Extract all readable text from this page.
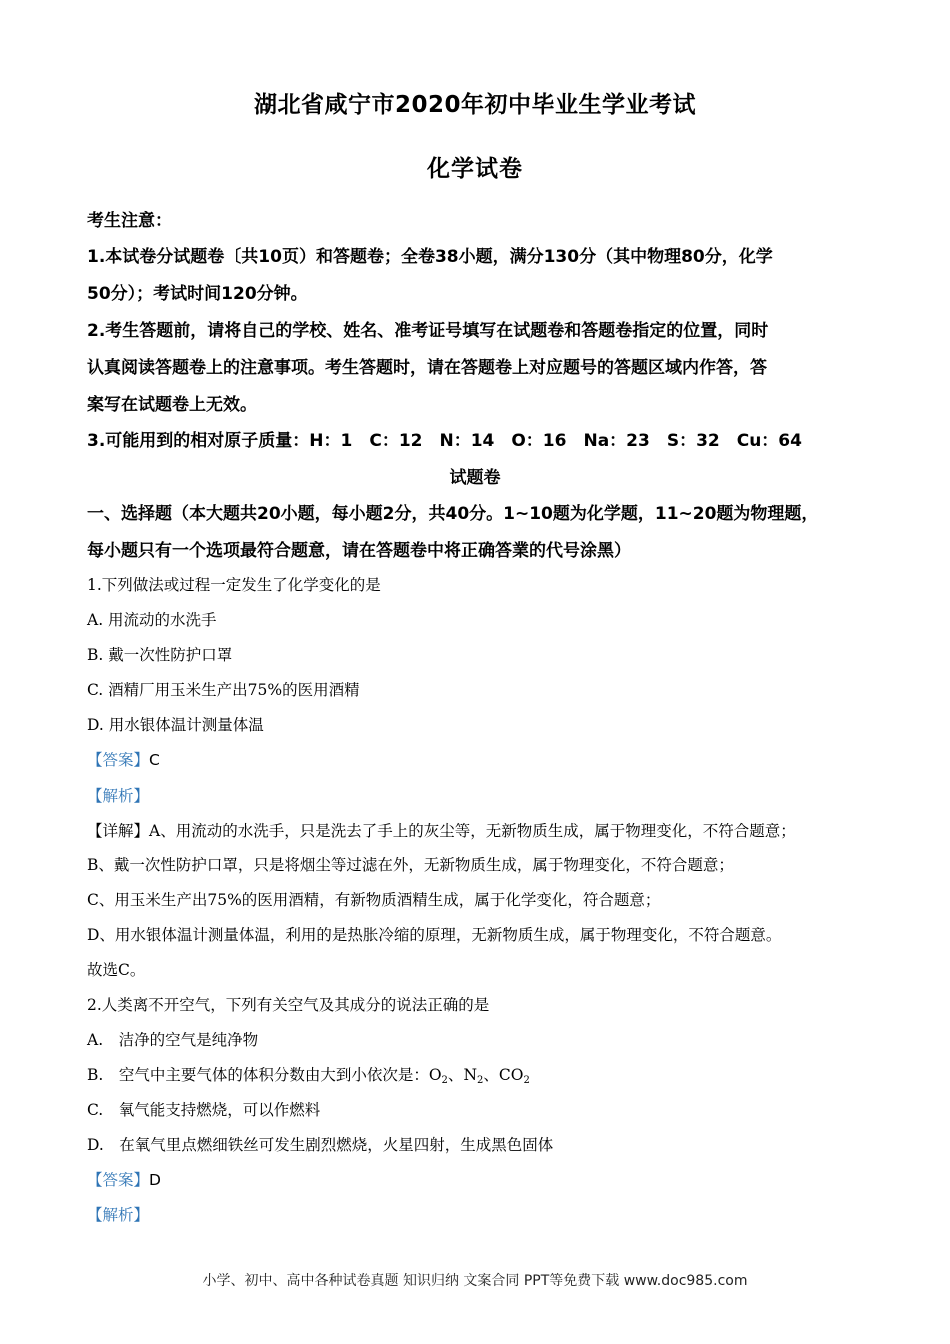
湖北省咸宁市2020年初中毕业生学业考试
化学试卷
考生注意：
1.本试卷分试题卷〔共10页）和答题卷；全卷38小题，满分130分（其中物理80分，化学
50分）；考试时间120分钟。
2.考生答题前，请将自己的学校、姓名、准考证号填写在试题卷和答题卷指定的位置，同时
认真阅读答题卷上的注意事项。考生答题时，请在答题卷上对应题号的答题区域内作答，答
案写在试题卷上无效。
3.可能用到的相对原子质量：H：1　C：12　N：14　O：16　Na：23　S：32　Cu：64
试题卷
一、选择题（本大题共20小题，每小题2分，共40分。1~10题为化学题，11~20题为物理题，
每小题只有一个选项最符合题意，请在答题卷中将正确答業的代号涂黑）
1.下列做法或过程一定发生了化学变化的是
A. 用流动的水洗手
B. 戴一次性防护口罩
C. 酒精厂用玉米生产出75%的医用酒精
D. 用水银体温计测量体温
【答案】C
【解析】
【详解】A、用流动的水洗手，只是洗去了手上的灰尘等，无新物质生成，属于物理变化，不符合题意；
B、戴一次性防护口罩，只是将烟尘等过滤在外，无新物质生成，属于物理变化，不符合题意；
C、用玉米生产出75%的医用酒精，有新物质酒精生成，属于化学变化，符合题意；
D、用水银体温计测量体温，利用的是热胀冷缩的原理，无新物质生成，属于物理变化，不符合题意。
故选C。
2.人类离不开空气，下列有关空气及其成分的说法正确的是
A.　洁净的空气是纯净物
B.　空气中主要气体的体积分数由大到小依次是：$O_2$、$N_2$、$CO_2$
C.　氧气能支持燃烧，可以作燃料
D.　在氧气里点燃细铁丝可发生剧烈燃烧，火星四射，生成黑色固体
【答案】D
【解析】
小学、初中、高中各种试卷真题 知识归纳 文案合同 PPT等免费下载 www.doc985.com
